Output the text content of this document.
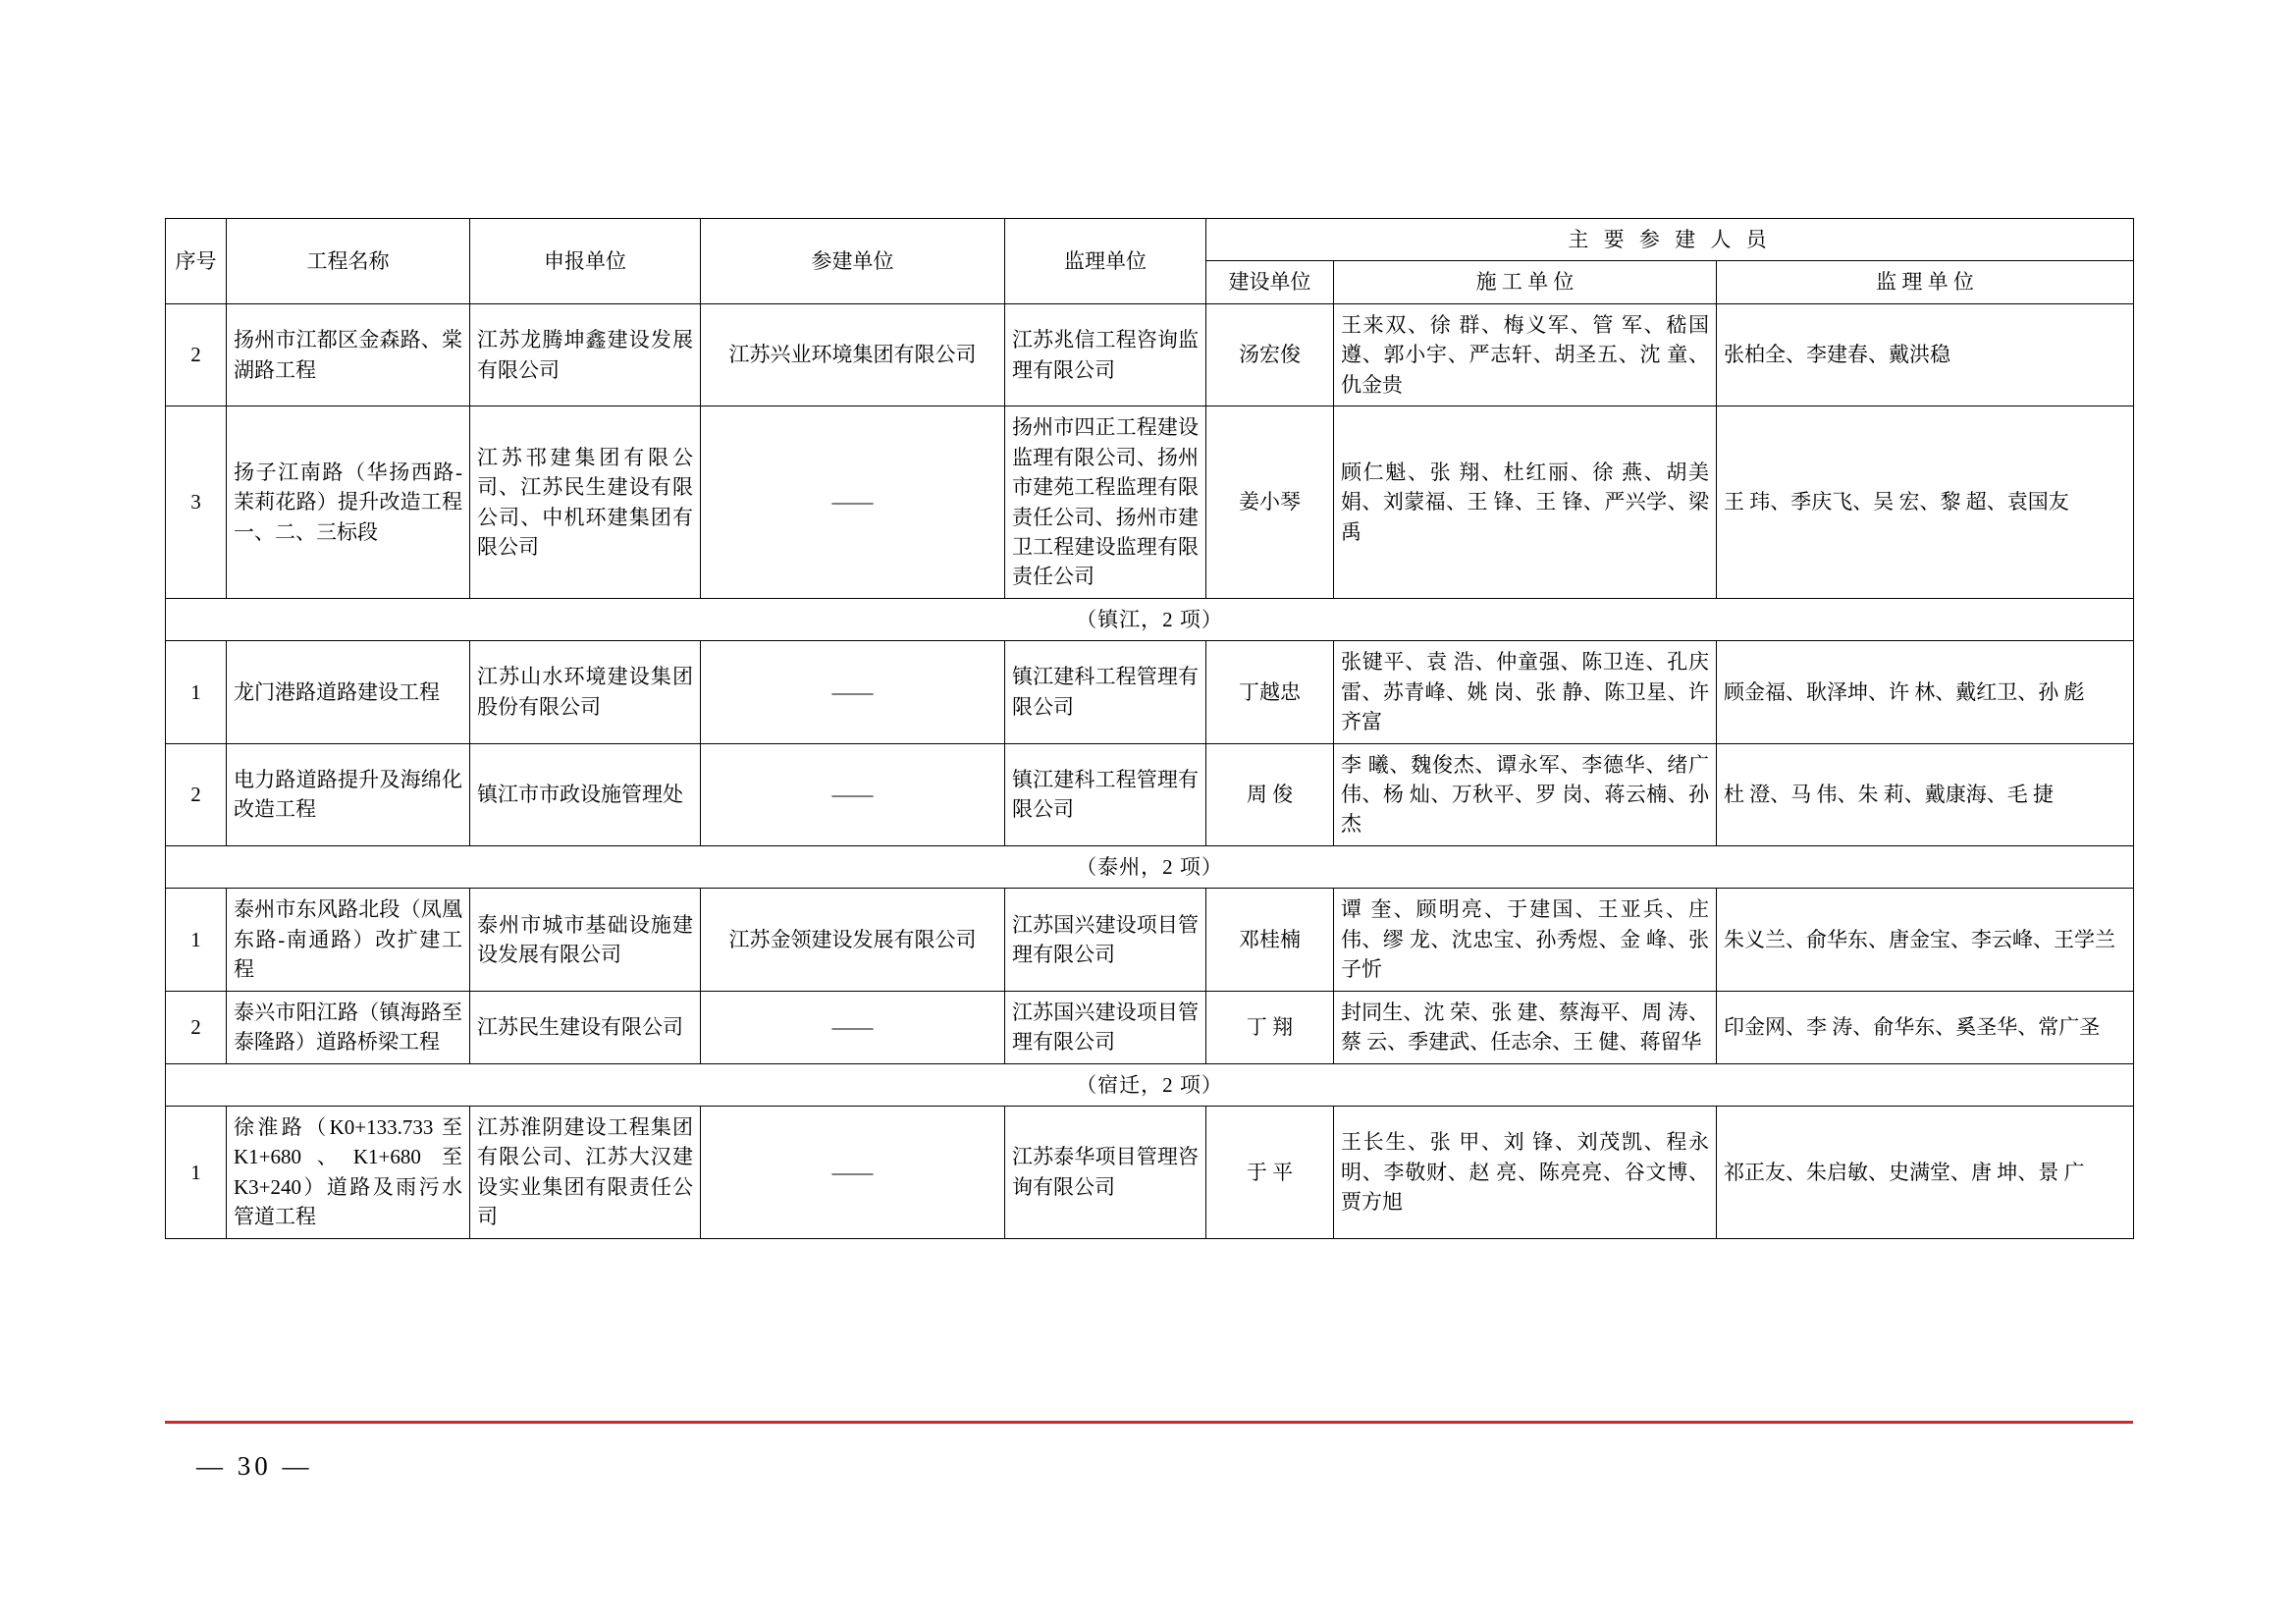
序号	工程名称	申报单位	参建单位	监理单位	主 要 参 建 人 员		
					建设单位	施 工 单 位	监 理 单 位
2	扬州市江都区金森路、棠湖路工程	江苏龙腾坤鑫建设发展有限公司	江苏兴业环境集团有限公司	江苏兆信工程咨询监理有限公司	汤宏俊	王来双、徐 群、梅义军、管 军、嵇国遵、郭小宇、严志轩、胡圣五、沈 童、仇金贵	张柏全、李建春、戴洪稳
3	扬子江南路（华扬西路-茉莉花路）提升改造工程一、二、三标段	江苏邗建集团有限公司、江苏民生建设有限公司、中机环建集团有限公司	——	扬州市四正工程建设监理有限公司、扬州市建苑工程监理有限责任公司、扬州市建卫工程建设监理有限责任公司	姜小琴	顾仁魁、张 翔、杜红丽、徐 燕、胡美娟、刘蒙福、王 锋、王 锋、严兴学、梁 禹	王 玮、季庆飞、吴 宏、黎 超、袁国友
（镇江，2 项）							
1	龙门港路道路建设工程	江苏山水环境建设集团股份有限公司	——	镇江建科工程管理有限公司	丁越忠	张键平、袁 浩、仲童强、陈卫连、孔庆雷、苏青峰、姚 岗、张 静、陈卫星、许齐富	顾金福、耿泽坤、许 林、戴红卫、孙 彪
2	电力路道路提升及海绵化改造工程	镇江市市政设施管理处	——	镇江建科工程管理有限公司	周 俊	李 曦、魏俊杰、谭永军、李德华、绪广伟、杨 灿、万秋平、罗 岗、蒋云楠、孙 杰	杜 澄、马 伟、朱 莉、戴康海、毛 捷
（泰州，2 项）							
1	泰州市东风路北段（凤凰东路-南通路）改扩建工程	泰州市城市基础设施建设发展有限公司	江苏金领建设发展有限公司	江苏国兴建设项目管理有限公司	邓桂楠	谭 奎、顾明亮、于建国、王亚兵、庄 伟、缪 龙、沈忠宝、孙秀煜、金 峰、张子忻	朱义兰、俞华东、唐金宝、李云峰、王学兰
2	泰兴市阳江路（镇海路至泰隆路）道路桥梁工程	江苏民生建设有限公司	——	江苏国兴建设项目管理有限公司	丁 翔	封同生、沈 荣、张 建、蔡海平、周 涛、蔡 云、季建武、任志余、王 健、蒋留华	印金网、李 涛、俞华东、奚圣华、常广圣
（宿迁，2 项）							
1	徐淮路（K0+133.733 至 K1+680、K1+680 至 K3+240）道路及雨污水管道工程	江苏淮阴建设工程集团有限公司、江苏大汉建设实业集团有限责任公司	——	江苏泰华项目管理咨询有限公司	于 平	王长生、张 甲、刘 锋、刘茂凯、程永明、李敬财、赵 亮、陈亮亮、谷文博、贾方旭	祁正友、朱启敏、史满堂、唐 坤、景 广
— 30 —
